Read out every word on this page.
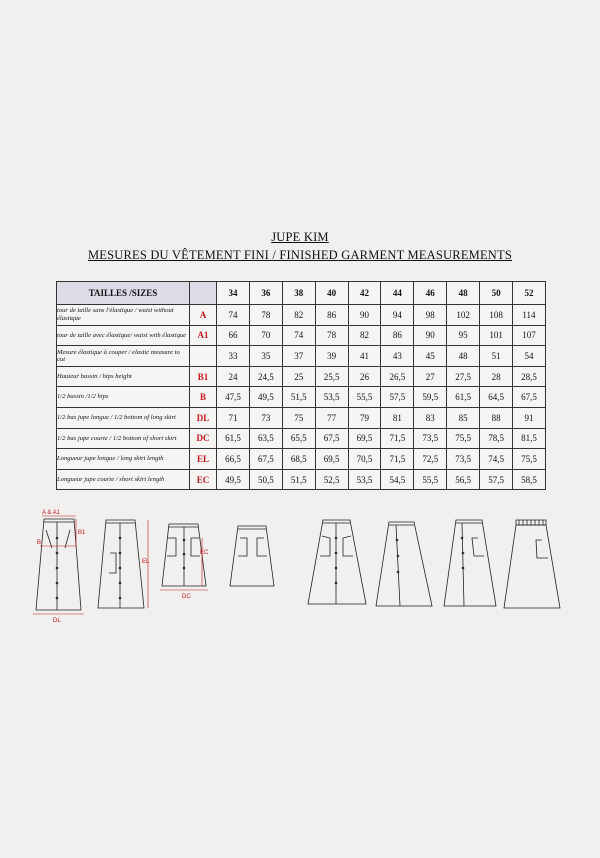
JUPE KIM
MESURES DU VÊTEMENT FINI / FINISHED GARMENT MEASUREMENTS
TAILLES /SIZES		34	36	38	40	42	44	46	48	50	52
tour de taille sans l'élastique / waist without élastique	A	74	78	82	86	90	94	98	102	108	114
tour de taille avec élastique/ waist with élastique	A1	66	70	74	78	82	86	90	95	101	107
Mesure élastique à couper / elastic measure to cut		33	35	37	39	41	43	45	48	51	54
Hauteur bassin / hips height	B1	24	24,5	25	25,5	26	26,5	27	27,5	28	28,5
1/2 bassin /1/2 hips	B	47,5	49,5	51,5	53,5	55,5	57,5	59,5	61,5	64,5	67,5
1/2 bas jupe longue / 1/2 bottom of long skirt	DL	71	73	75	77	79	81	83	85	88	91
1/2 bas jupe courte / 1/2 bottom of short skirt	DC	61,5	63,5	65,5	67,5	69,5	71,5	73,5	75,5	78,5	81,5
Longueur jupe longue / long skirt length	EL	66,5	67,5	68,5	69,5	70,5	71,5	72,5	73,5	74,5	75,5
Longueur jupe courte / short skirt length	EC	49,5	50,5	51,5	52,5	53,5	54,5	55,5	56,5	57,5	58,5
A & A1
B
B1
DL
EL
EC
DC
